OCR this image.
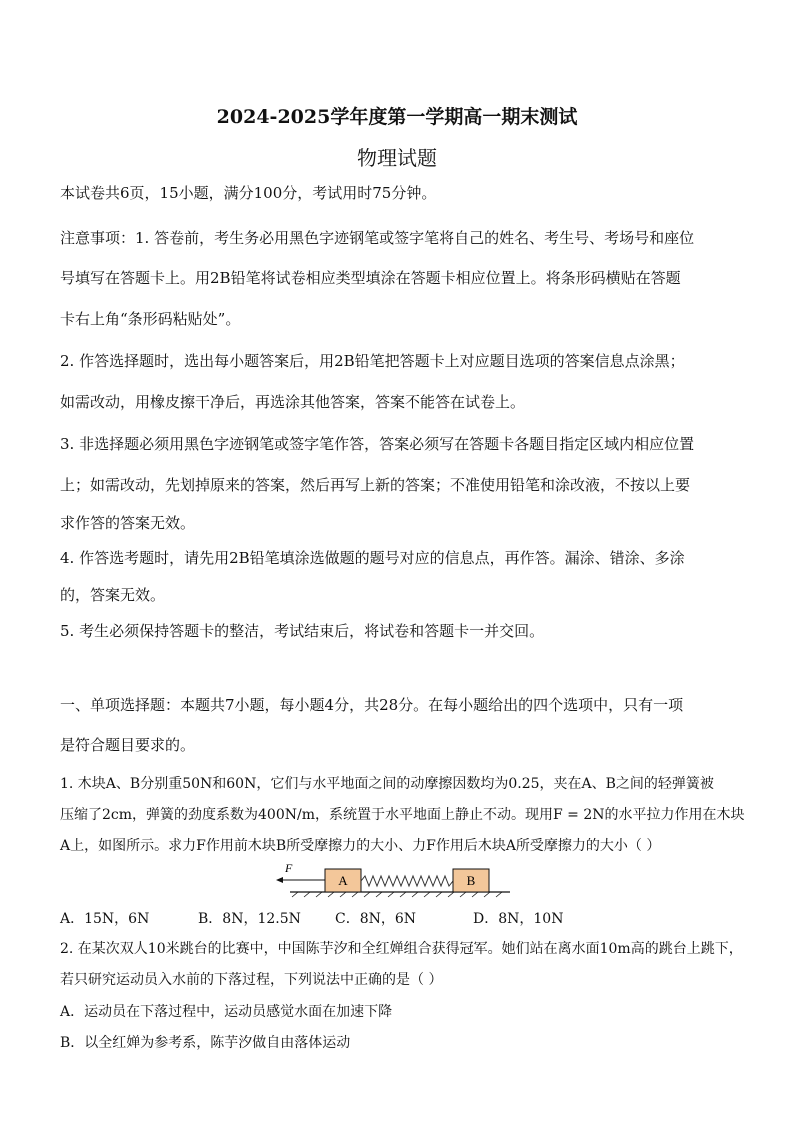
2024-2025学年度第一学期高一期末测试
物理试题
本试卷共6页，15小题，满分100分，考试用时75分钟。
注意事项：1. 答卷前，考生务必用黑色字迹钢笔或签字笔将自己的姓名、考生号、考场号和座位
号填写在答题卡上。用2B铅笔将试卷相应类型填涂在答题卡相应位置上。将条形码横贴在答题
卡右上角“条形码粘贴处”。
2. 作答选择题时，选出每小题答案后，用2B铅笔把答题卡上对应题目选项的答案信息点涂黑；
如需改动，用橡皮擦干净后，再选涂其他答案，答案不能答在试卷上。
3. 非选择题必须用黑色字迹钢笔或签字笔作答，答案必须写在答题卡各题目指定区域内相应位置
上；如需改动，先划掉原来的答案，然后再写上新的答案；不准使用铅笔和涂改液，不按以上要
求作答的答案无效。
4. 作答选考题时，请先用2B铅笔填涂选做题的题号对应的信息点，再作答。漏涂、错涂、多涂
的，答案无效。
5. 考生必须保持答题卡的整洁，考试结束后，将试卷和答题卡一并交回。
一、单项选择题：本题共7小题，每小题4分，共28分。在每小题给出的四个选项中，只有一项
是符合题目要求的。
1. 木块A、B分别重50N和60N，它们与水平地面之间的动摩擦因数均为0.25，夹在A、B之间的轻弹簧被
压缩了2cm，弹簧的劲度系数为400N/m，系统置于水平地面上静止不动。现用F = 2N的水平拉力作用在木块
A上，如图所示。求力F作用前木块B所受摩擦力的大小、力F作用后木块A所受摩擦力的大小（ ）
F
A	B
A．15N，6N	B．8N，12.5N C．8N，6N	D．8N，10N
2. 在某次双人10米跳台的比赛中，中国陈芋汐和全红婵组合获得冠军。她们站在离水面10m高的跳台上跳下，
若只研究运动员入水前的下落过程，下列说法中正确的是（ ）
A．运动员在下落过程中，运动员感觉水面在加速下降
B．以全红婵为参考系，陈芋汐做自由落体运动
